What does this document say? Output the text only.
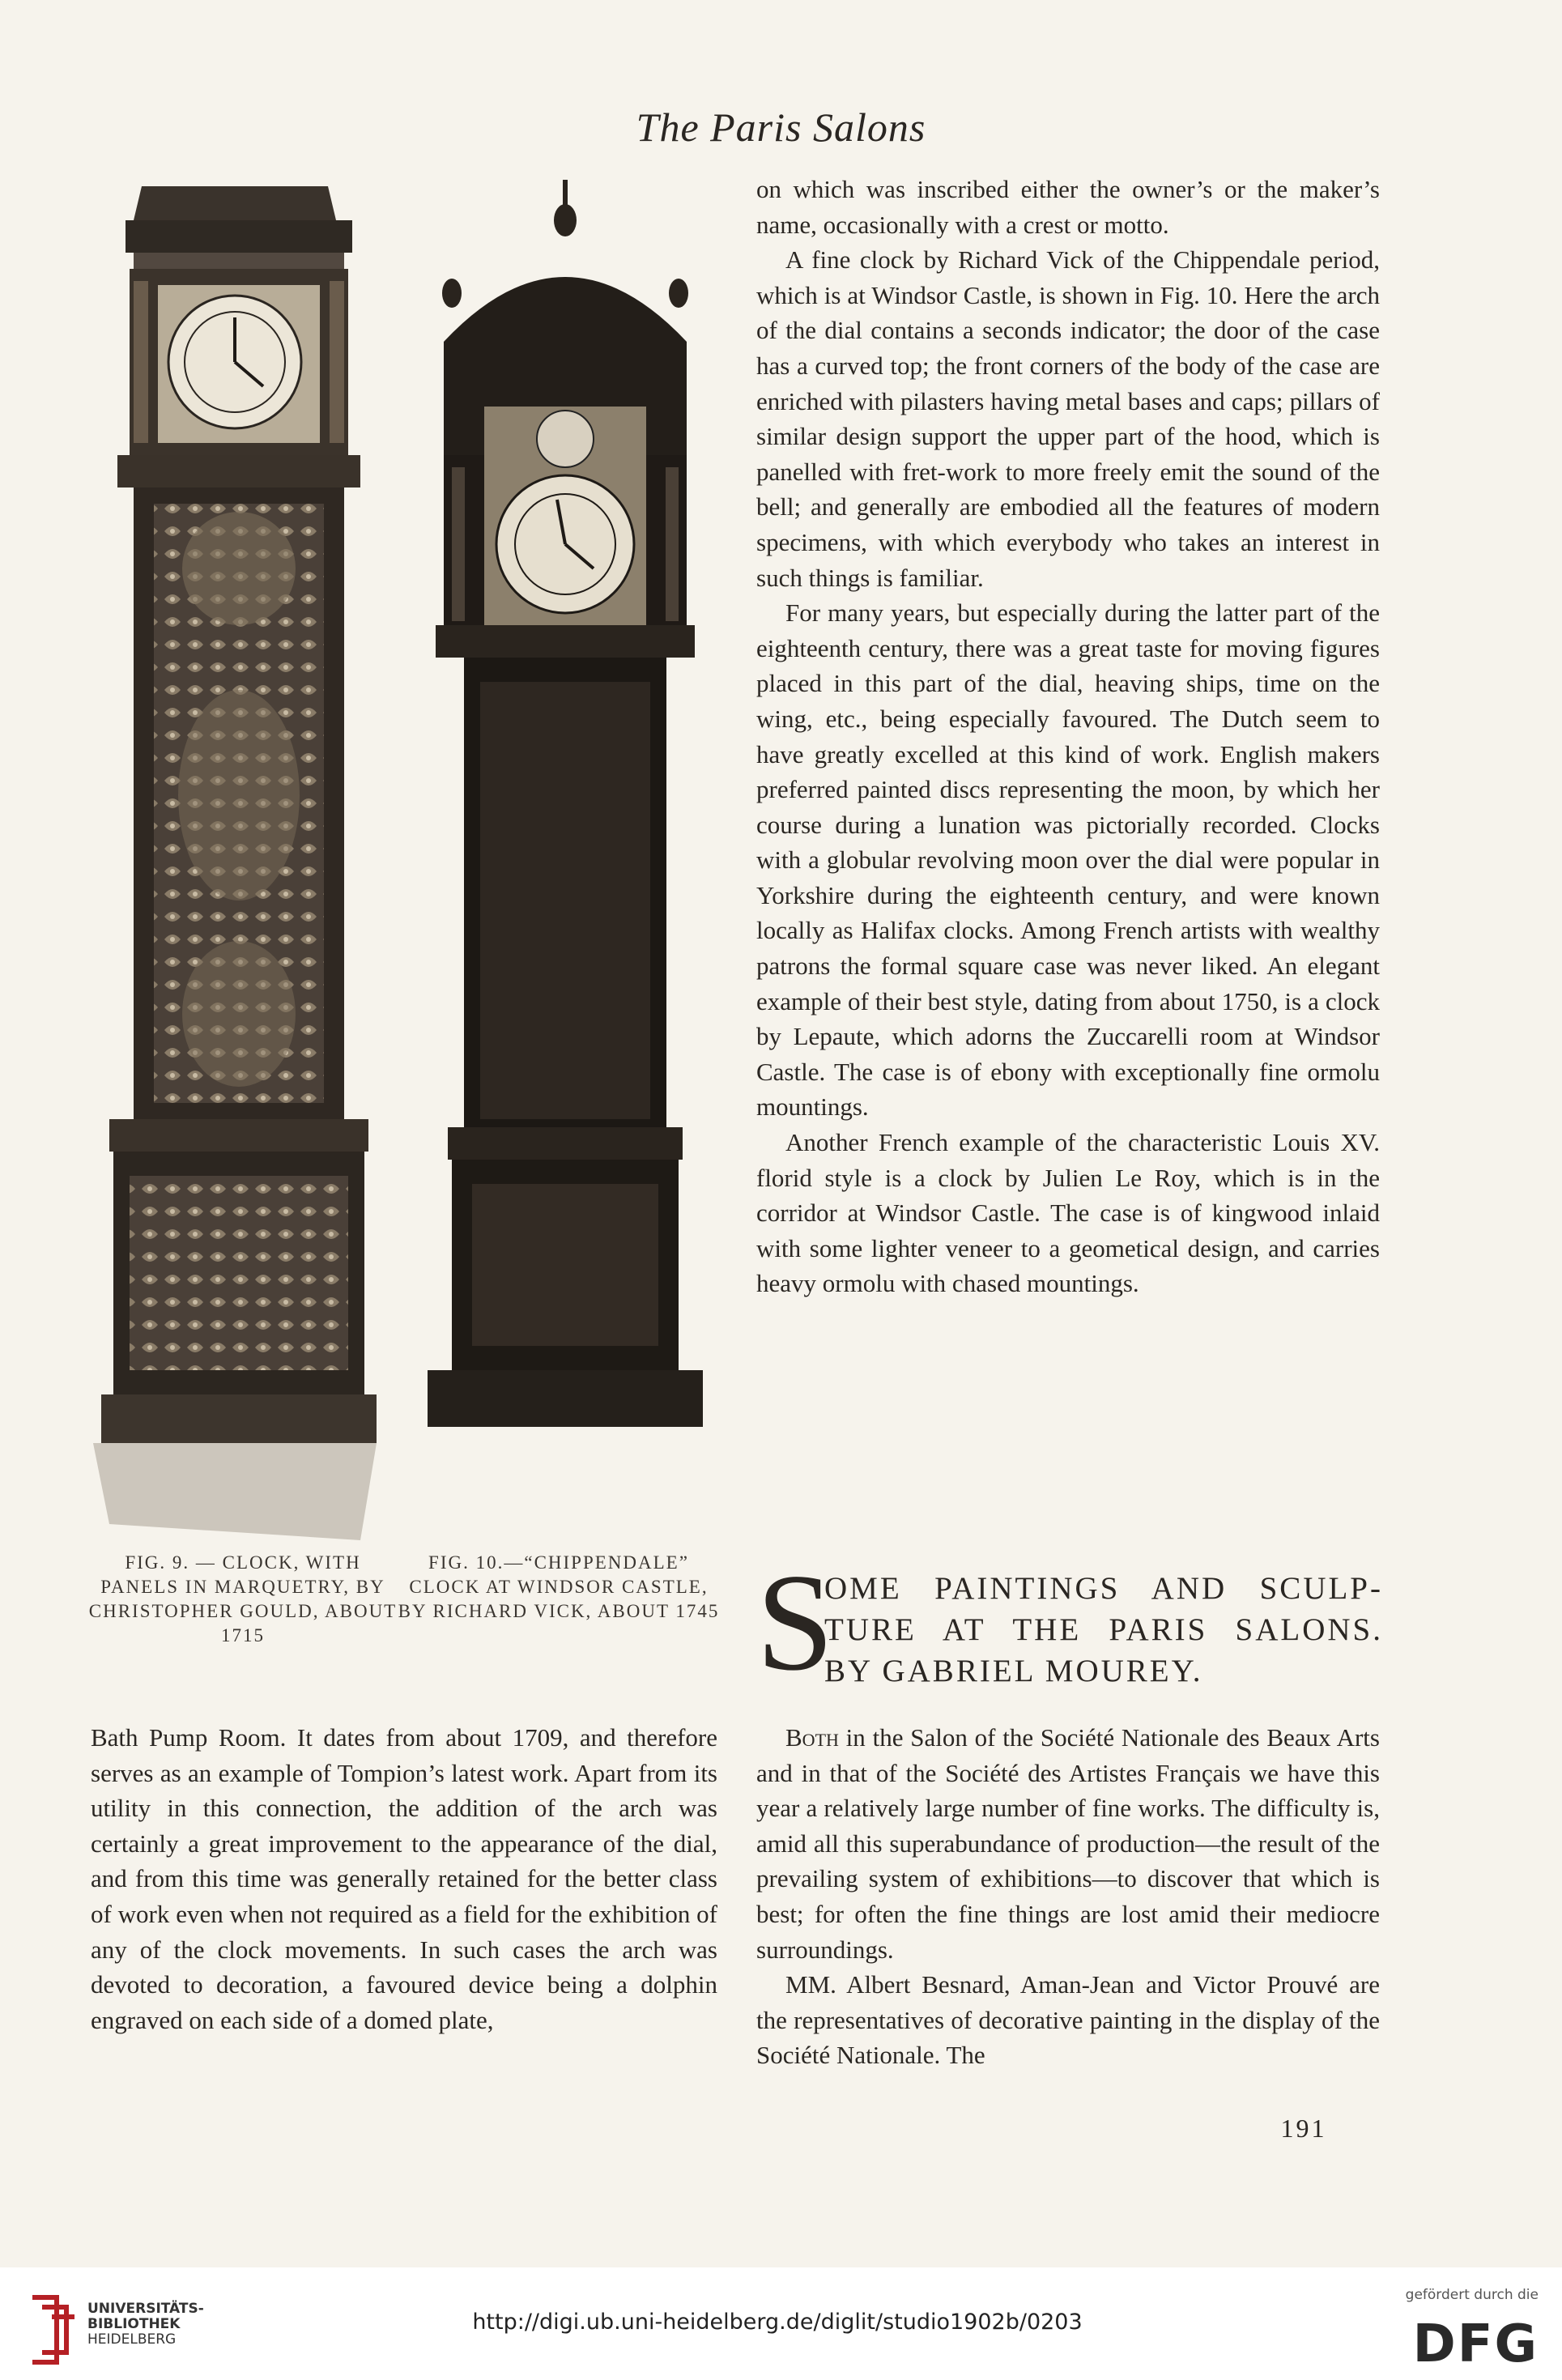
The Paris Salons
FIG. 9. — CLOCK, WITH PANELS IN MARQUETRY, BY CHRISTOPHER GOULD, ABOUT 1715
FIG. 10.—“CHIPPENDALE” CLOCK AT WINDSOR CASTLE, BY RICHARD VICK, ABOUT 1745

on which was inscribed either the owner’s or the maker’s name, occasionally with a crest or motto.

A fine clock by Richard Vick of the Chippendale period, which is at Windsor Castle, is shown in Fig. 10. Here the arch of the dial contains a seconds indicator; the door of the case has a curved top; the front corners of the body of the case are enriched with pilasters having metal bases and caps; pillars of similar design support the upper part of the hood, which is panelled with fret-work to more freely emit the sound of the bell; and generally are embodied all the features of modern specimens, with which everybody who takes an interest in such things is familiar.

For many years, but especially during the latter part of the eighteenth century, there was a great taste for moving figures placed in this part of the dial, heaving ships, time on the wing, etc., being especially favoured. The Dutch seem to have greatly excelled at this kind of work. English makers preferred painted discs representing the moon, by which her course during a lunation was pictorially recorded. Clocks with a globular revolving moon over the dial were popular in Yorkshire during the eighteenth century, and were known locally as Halifax clocks. Among French artists with wealthy patrons the formal square case was never liked. An elegant example of their best style, dating from about 1750, is a clock by Lepaute, which adorns the Zuccarelli room at Windsor Castle. The case is of ebony with exceptionally fine ormolu mountings.

Another French example of the characteristic Louis XV. florid style is a clock by Julien Le Roy, which is in the corridor at Windsor Castle. The case is of kingwood inlaid with some lighter veneer to a geometical design, and carries heavy ormolu with chased mountings.

S
OME PAINTINGS AND SCULP-
TURE AT THE PARIS SALONS.
BY GABRIEL MOUREY.

Bath Pump Room. It dates from about 1709, and therefore serves as an example of Tompion’s latest work. Apart from its utility in this connection, the addition of the arch was certainly a great improvement to the appearance of the dial, and from this time was generally retained for the better class of work even when not required as a field for the exhibition of any of the clock movements. In such cases the arch was devoted to decoration, a favoured device being a dolphin engraved on each side of a domed plate,

Both in the Salon of the Société Nationale des Beaux Arts and in that of the Société des Artistes Français we have this year a relatively large number of fine works. The difficulty is, amid all this superabundance of production—the result of the prevailing system of exhibitions—to discover that which is best; for often the fine things are lost amid their mediocre surroundings.

MM. Albert Besnard, Aman-Jean and Victor Prouvé are the representatives of decorative painting in the display of the Société Nationale. The

191
UNIVERSITÄTS-
BIBLIOTHEK
HEIDELBERG
http://digi.ub.uni-heidelberg.de/diglit/studio1902b/0203
gefördert durch die
DFG
